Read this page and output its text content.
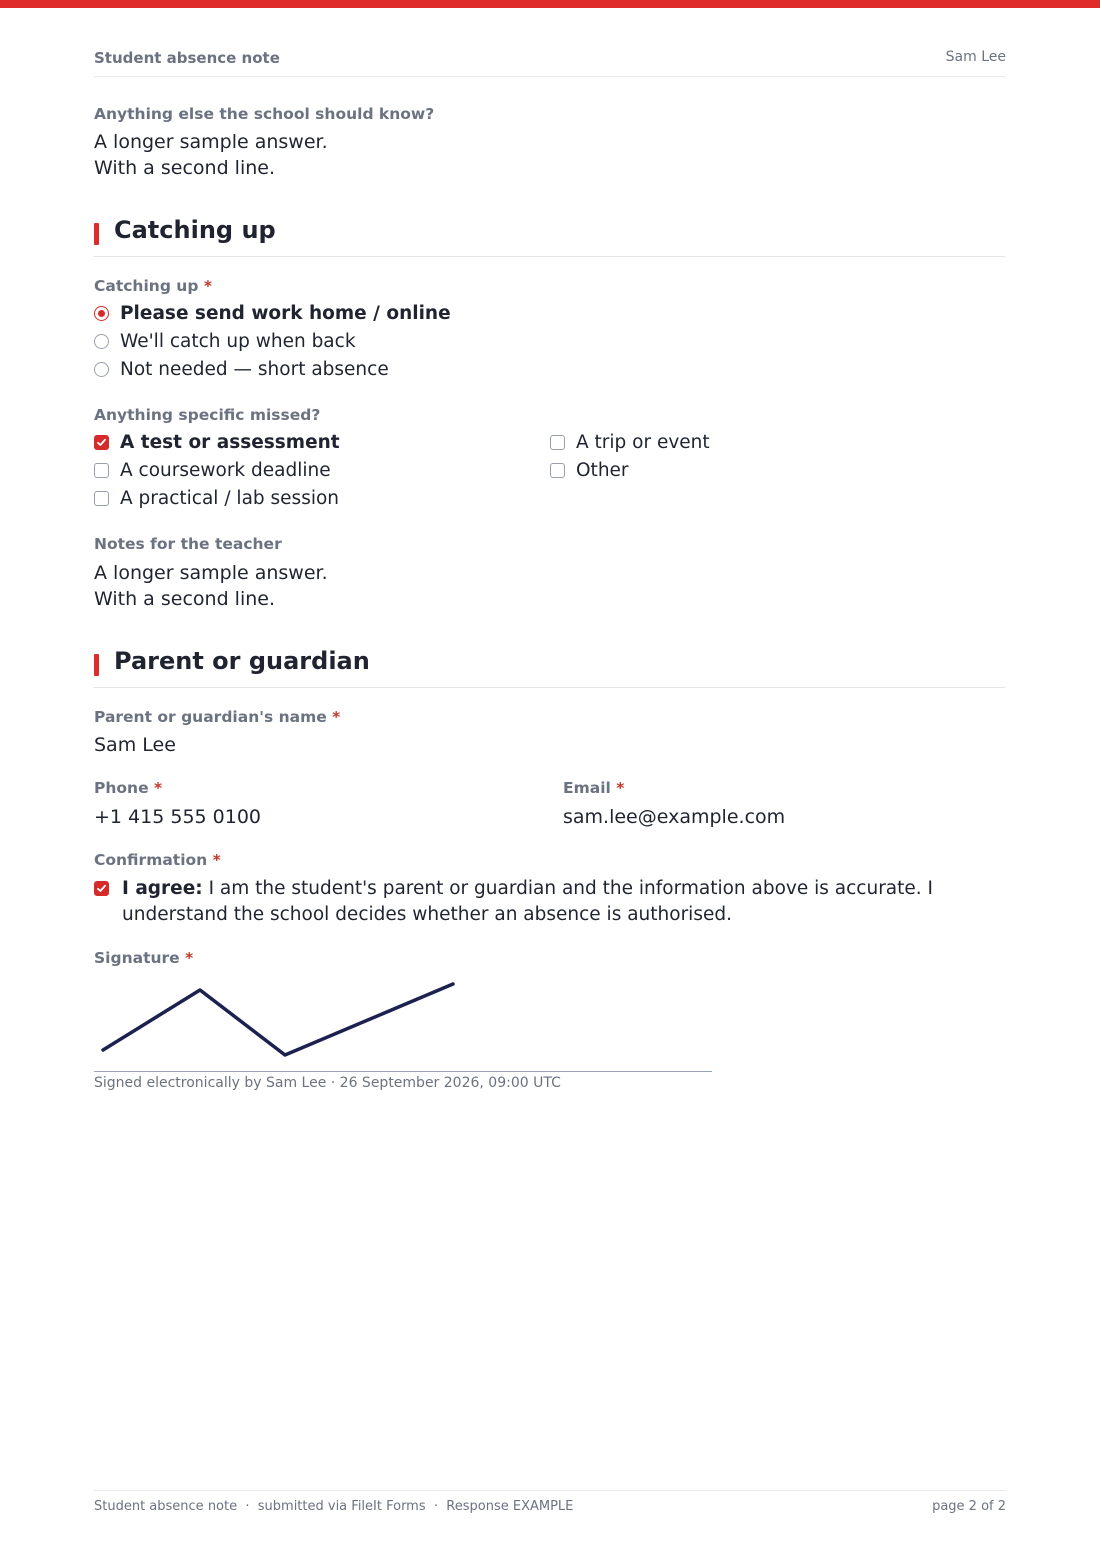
Student absence note	Sam Lee
Anything else the school should know?
A longer sample answer.
With a second line.
Catching up
Catching up *
Please send work home / online
We'll catch up when back
Not needed — short absence
Anything specific missed?
A test or assessment
A coursework deadline
A practical / lab session
A trip or event
Other
Notes for the teacher
A longer sample answer.
With a second line.
Parent or guardian
Parent or guardian's name *
Sam Lee
Phone *
+1 415 555 0100
Email *
sam.lee@example.com
Confirmation *
I agree: I am the student's parent or guardian and the information above is accurate. I understand the school decides whether an absence is authorised.
Signature *
Signed electronically by Sam Lee · 26 September 2026, 09:00 UTC
Student absence note  ·  submitted via FileIt Forms  ·  Response EXAMPLE	page 2 of 2
